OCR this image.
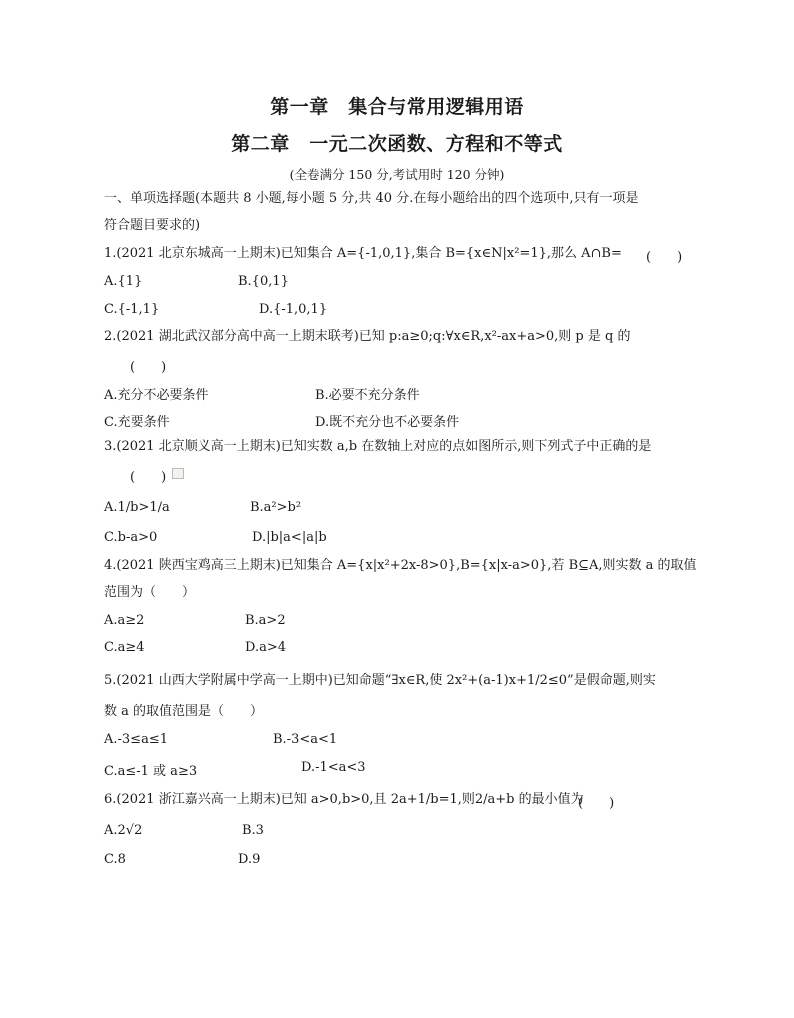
第一章　集合与常用逻辑用语
第二章　一元二次函数、方程和不等式
(全卷满分 150 分,考试用时 120 分钟)
一、单项选择题(本题共 8 小题,每小题 5 分,共 40 分.在每小题给出的四个选项中,只有一项是
符合题目要求的)
1.(2021 北京东城高一上期末)已知集合 A={-1,0,1},集合 B={x∈N|x²=1},那么 A∩B= (　　)
A.{1}	B.{0,1}
C.{-1,1}	D.{-1,0,1}
2.(2021 湖北武汉部分高中高一上期末联考)已知 p:a≥0;q:∀x∈R,x²-ax+a>0,则 p 是 q 的
(　　)
A.充分不必要条件	B.必要不充分条件
C.充要条件	D.既不充分也不必要条件
3.(2021 北京顺义高一上期末)已知实数 a,b 在数轴上对应的点如图所示,则下列式子中正确的是
(　　)
A.1/b>1/a	B.a²>b²
C.b-a>0	D.|b|a<|a|b
4.(2021 陕西宝鸡高三上期末)已知集合 A={x|x²+2x-8>0},B={x|x-a>0},若 B⊆A,则实数 a 的取值
范围为（　　）
A.a≥2	B.a>2
C.a≥4	D.a>4
5.(2021 山西大学附属中学高一上期中)已知命题“∃x∈R,使 2x²+(a-1)x+1/2≤0”是假命题,则实
数 a 的取值范围是（　　）
A.-3≤a≤1	B.-3<a<1
C.a≤-1 或 a≥3	D.-1<a<3
6.(2021 浙江嘉兴高一上期末)已知 a>0,b>0,且 2a+1/b=1,则2/a+b 的最小值为
(　　)
A.2√2	B.3
C.8	D.9
